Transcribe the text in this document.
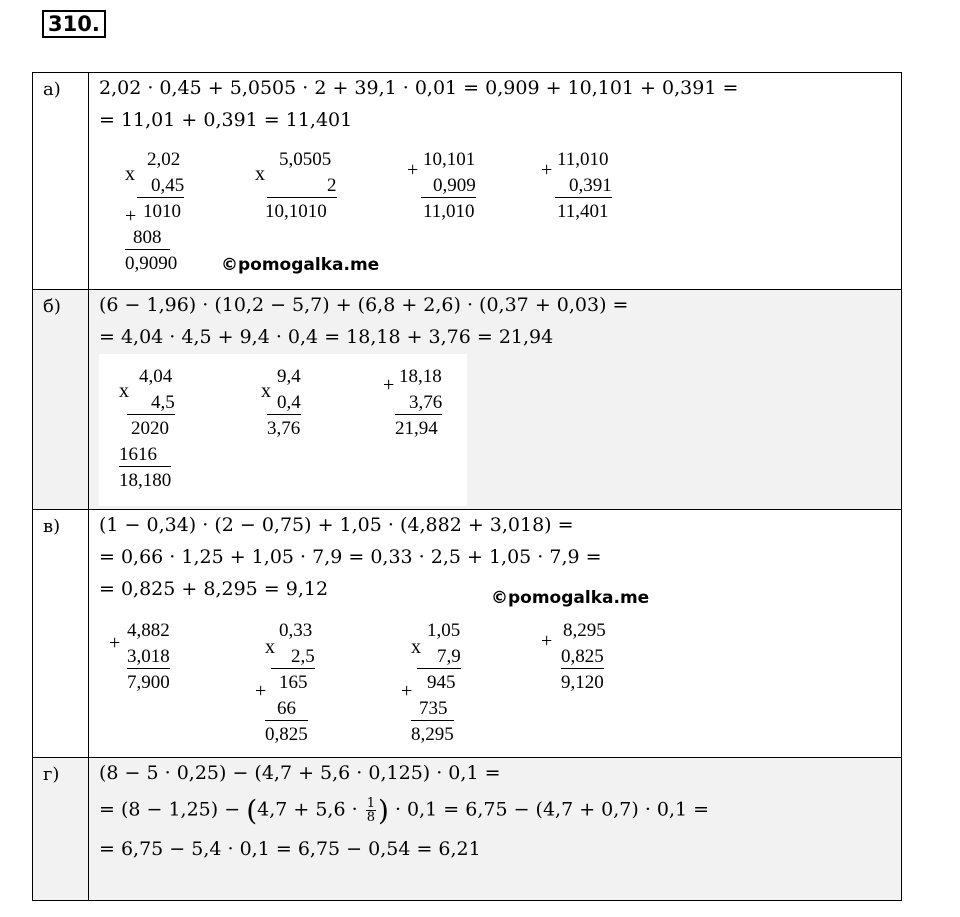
310.
а)	2,02 · 0,45 + 5,0505 · 2 + 39,1 · 0,01 = 0,909 + 10,101 + 0,391 =
= 11,01 + 0,391 = 11,401
x
2,02
0,45
+ 1010
808
0,9090	©pomogalka.me
x
5,0505
2
10,1010
+ 10,101
0,909
11,010
+ 11,010
0,391
11,401
б)	(6 − 1,96) · (10,2 − 5,7) + (6,8 + 2,6) · (0,37 + 0,03) =
= 4,04 · 4,5 + 9,4 · 0,4 = 18,18 + 3,76 = 21,94
x
4,04
4,5
2020
1616
18,180
x
9,4
0,4
3,76
+ 18,18
3,76
21,94
в)	(1 − 0,34) · (2 − 0,75) + 1,05 · (4,882 + 3,018) =
= 0,66 · 1,25 + 1,05 · 7,9 = 0,33 · 2,5 + 1,05 · 7,9 =
= 0,825 + 8,295 = 9,12	©pomogalka.me
+
4,882
3,018
7,900
x
0,33
2,5
+ 165
66
0,825
x
1,05
7,9
+ 945
735
8,295
+ 8,295
0,825
9,120
г)	(8 − 5 · 0,25) − (4,7 + 5,6 · 0,125) · 0,1 =
= $(8 - 1,25) - (4,7 + 5,6 \cdot \frac{1}{8}$ ) · 0,1 = 6,75 − (4,7 + 0,7) · 0,1 =
= 6,75 − 5,4 · 0,1 = 6,75 − 0,54 = 6,21
